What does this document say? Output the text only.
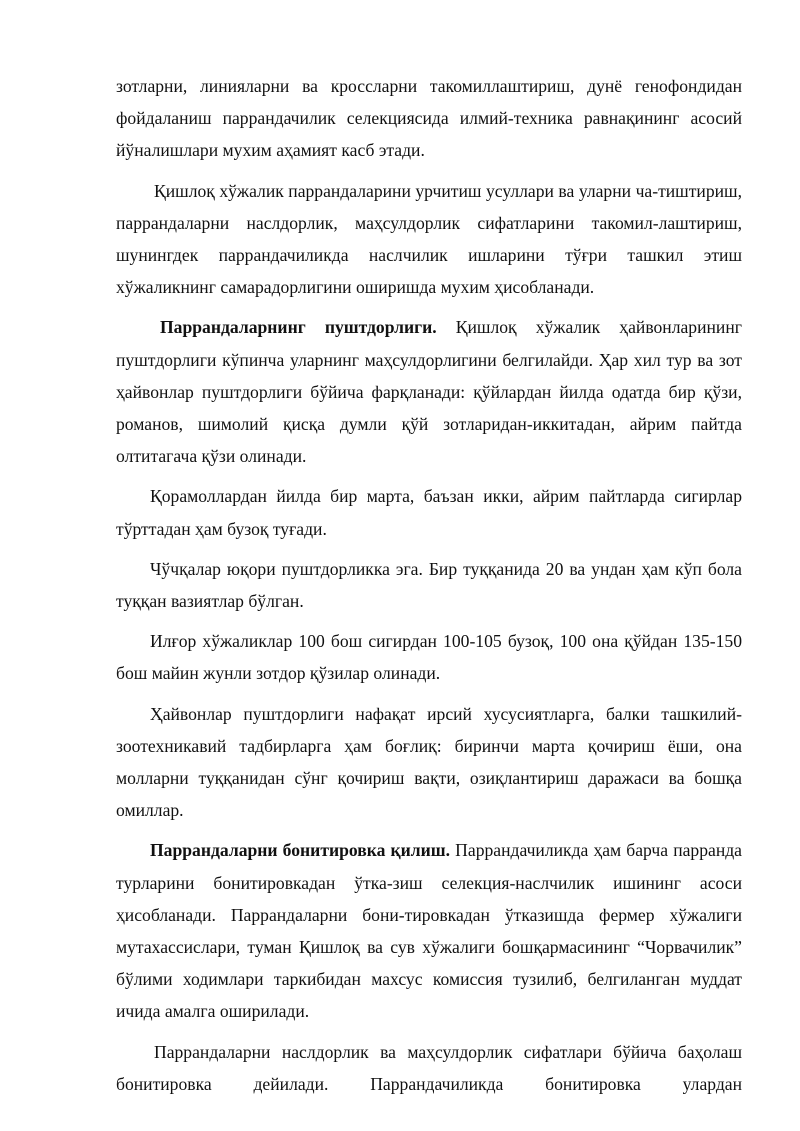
зотларни, линияларни ва кроссларни такомиллаштириш, дунё генофондидан фойдаланиш паррандачилик селекциясида илмий-техника равнақининг асосий йўналишлари мухим аҳамият касб этади.

Қишлоқ хўжалик паррандаларини урчитиш усуллари ва уларни ча-тиштириш, паррандаларни наслдорлик, маҳсулдорлик сифатларини такомил-лаштириш, шунингдек паррандачиликда наслчилик ишларини тўғри ташкил этиш хўжаликнинг самарадорлигини оширишда мухим ҳисобланади.

Паррандаларнинг пуштдорлиги. Қишлоқ хўжалик ҳайвонларининг пуштдорлиги кўпинча уларнинг маҳсулдорлигини белгилайди. Ҳар хил тур ва зот ҳайвонлар пуштдорлиги бўйича фарқланади: қўйлардан йилда одатда бир қўзи, романов, шимолий қисқа думли қўй зотларидан-иккитадан, айрим пайтда олтитагача қўзи олинади.

Қорамоллардан йилда бир марта, баъзан икки, айрим пайтларда сигирлар тўрттадан ҳам бузоқ туғади.

Чўчқалар юқори пуштдорликка эга. Бир туққанида 20 ва ундан ҳам кўп бола туққан вазиятлар бўлган.

Илғор хўжаликлар 100 бош сигирдан 100-105 бузоқ, 100 она қўйдан 135-150 бош майин жунли зотдор қўзилар олинади.

Ҳайвонлар пуштдорлиги нафақат ирсий хусусиятларга, балки ташкилий-зоотехникавий тадбирларга ҳам боғлиқ: биринчи марта қочириш ёши, она молларни туққанидан сўнг қочириш вақти, озиқлантириш даражаси ва бошқа омиллар.

Паррандаларни бонитировка қилиш. Паррандачиликда ҳам барча парранда турларини бонитировкадан ўтка-зиш селекция-наслчилик ишининг асоси ҳисобланади. Паррандаларни бони-тировкадан ўтказишда фермер хўжалиги мутахассислари, туман Қишлоқ ва сув хўжалиги бошқармасининг “Чорвачилик” бўлими ходимлари таркибидан махсус комиссия тузилиб, белгиланган муддат ичида амалга оширилади.

Паррандаларни наслдорлик ва маҳсулдорлик сифатлари бўйича баҳолаш бонитировка дейилади. Паррандачиликда бонитировка улардан
